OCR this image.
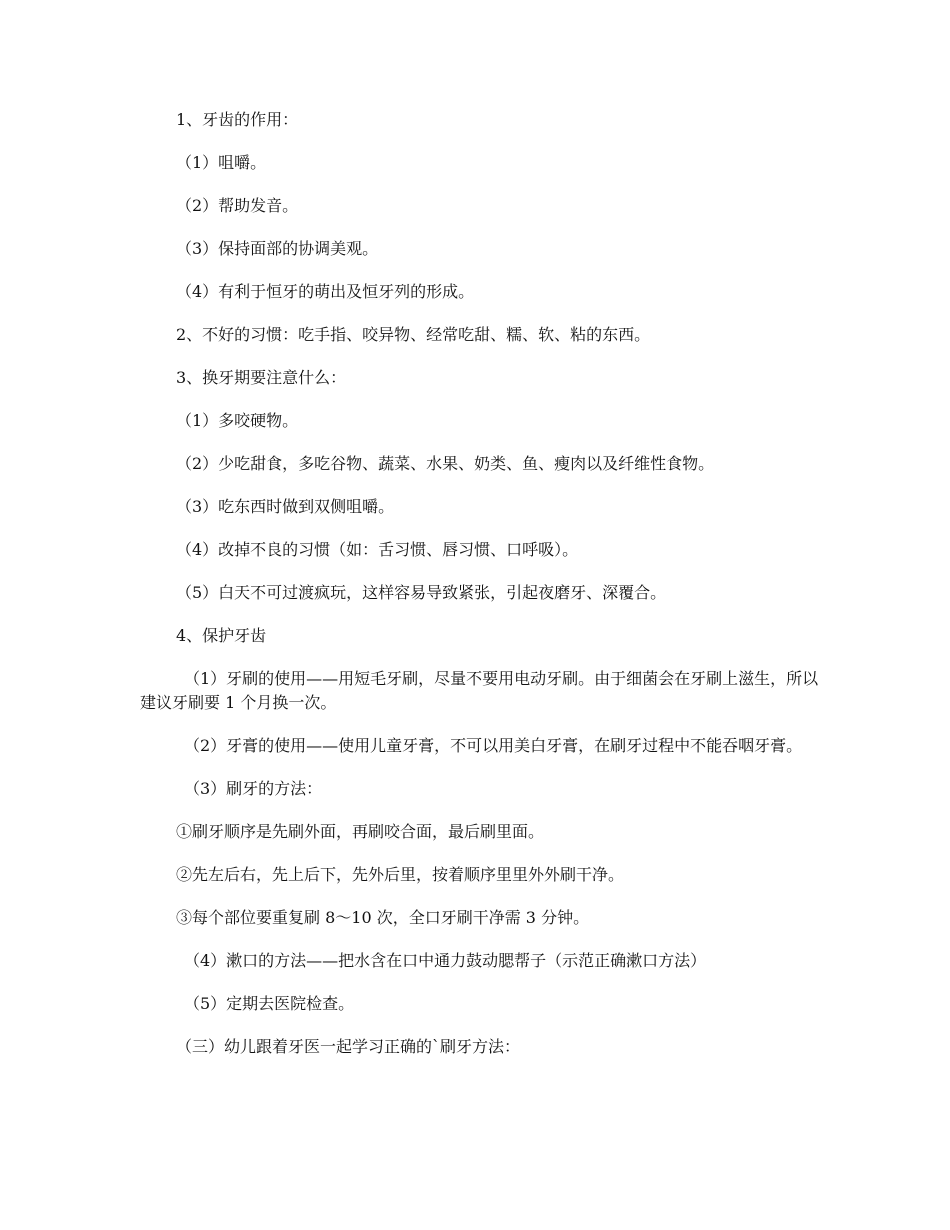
1、牙齿的作用：

（1）咀嚼。

（2）帮助发音。

（3）保持面部的协调美观。

（4）有利于恒牙的萌出及恒牙列的形成。

2、不好的习惯：吃手指、咬异物、经常吃甜、糯、软、粘的东西。

3、换牙期要注意什么：

（1）多咬硬物。

（2）少吃甜食，多吃谷物、蔬菜、水果、奶类、鱼、瘦肉以及纤维性食物。

（3）吃东西时做到双侧咀嚼。

（4）改掉不良的习惯（如：舌习惯、唇习惯、口呼吸）。

（5）白天不可过渡疯玩，这样容易导致紧张，引起夜磨牙、深覆合。

4、保护牙齿

（1）牙刷的使用——用短毛牙刷，尽量不要用电动牙刷。由于细菌会在牙刷上滋生，所以建议牙刷要 1 个月换一次。

（2）牙膏的使用——使用儿童牙膏，不可以用美白牙膏，在刷牙过程中不能吞咽牙膏。

（3）刷牙的方法：

①刷牙顺序是先刷外面，再刷咬合面，最后刷里面。

②先左后右，先上后下，先外后里，按着顺序里里外外刷干净。

③每个部位要重复刷 8～10 次，全口牙刷干净需 3 分钟。

（4）漱口的方法——把水含在口中通力鼓动腮帮子（示范正确漱口方法）

（5）定期去医院检查。

（三）幼儿跟着牙医一起学习正确的`刷牙方法：
